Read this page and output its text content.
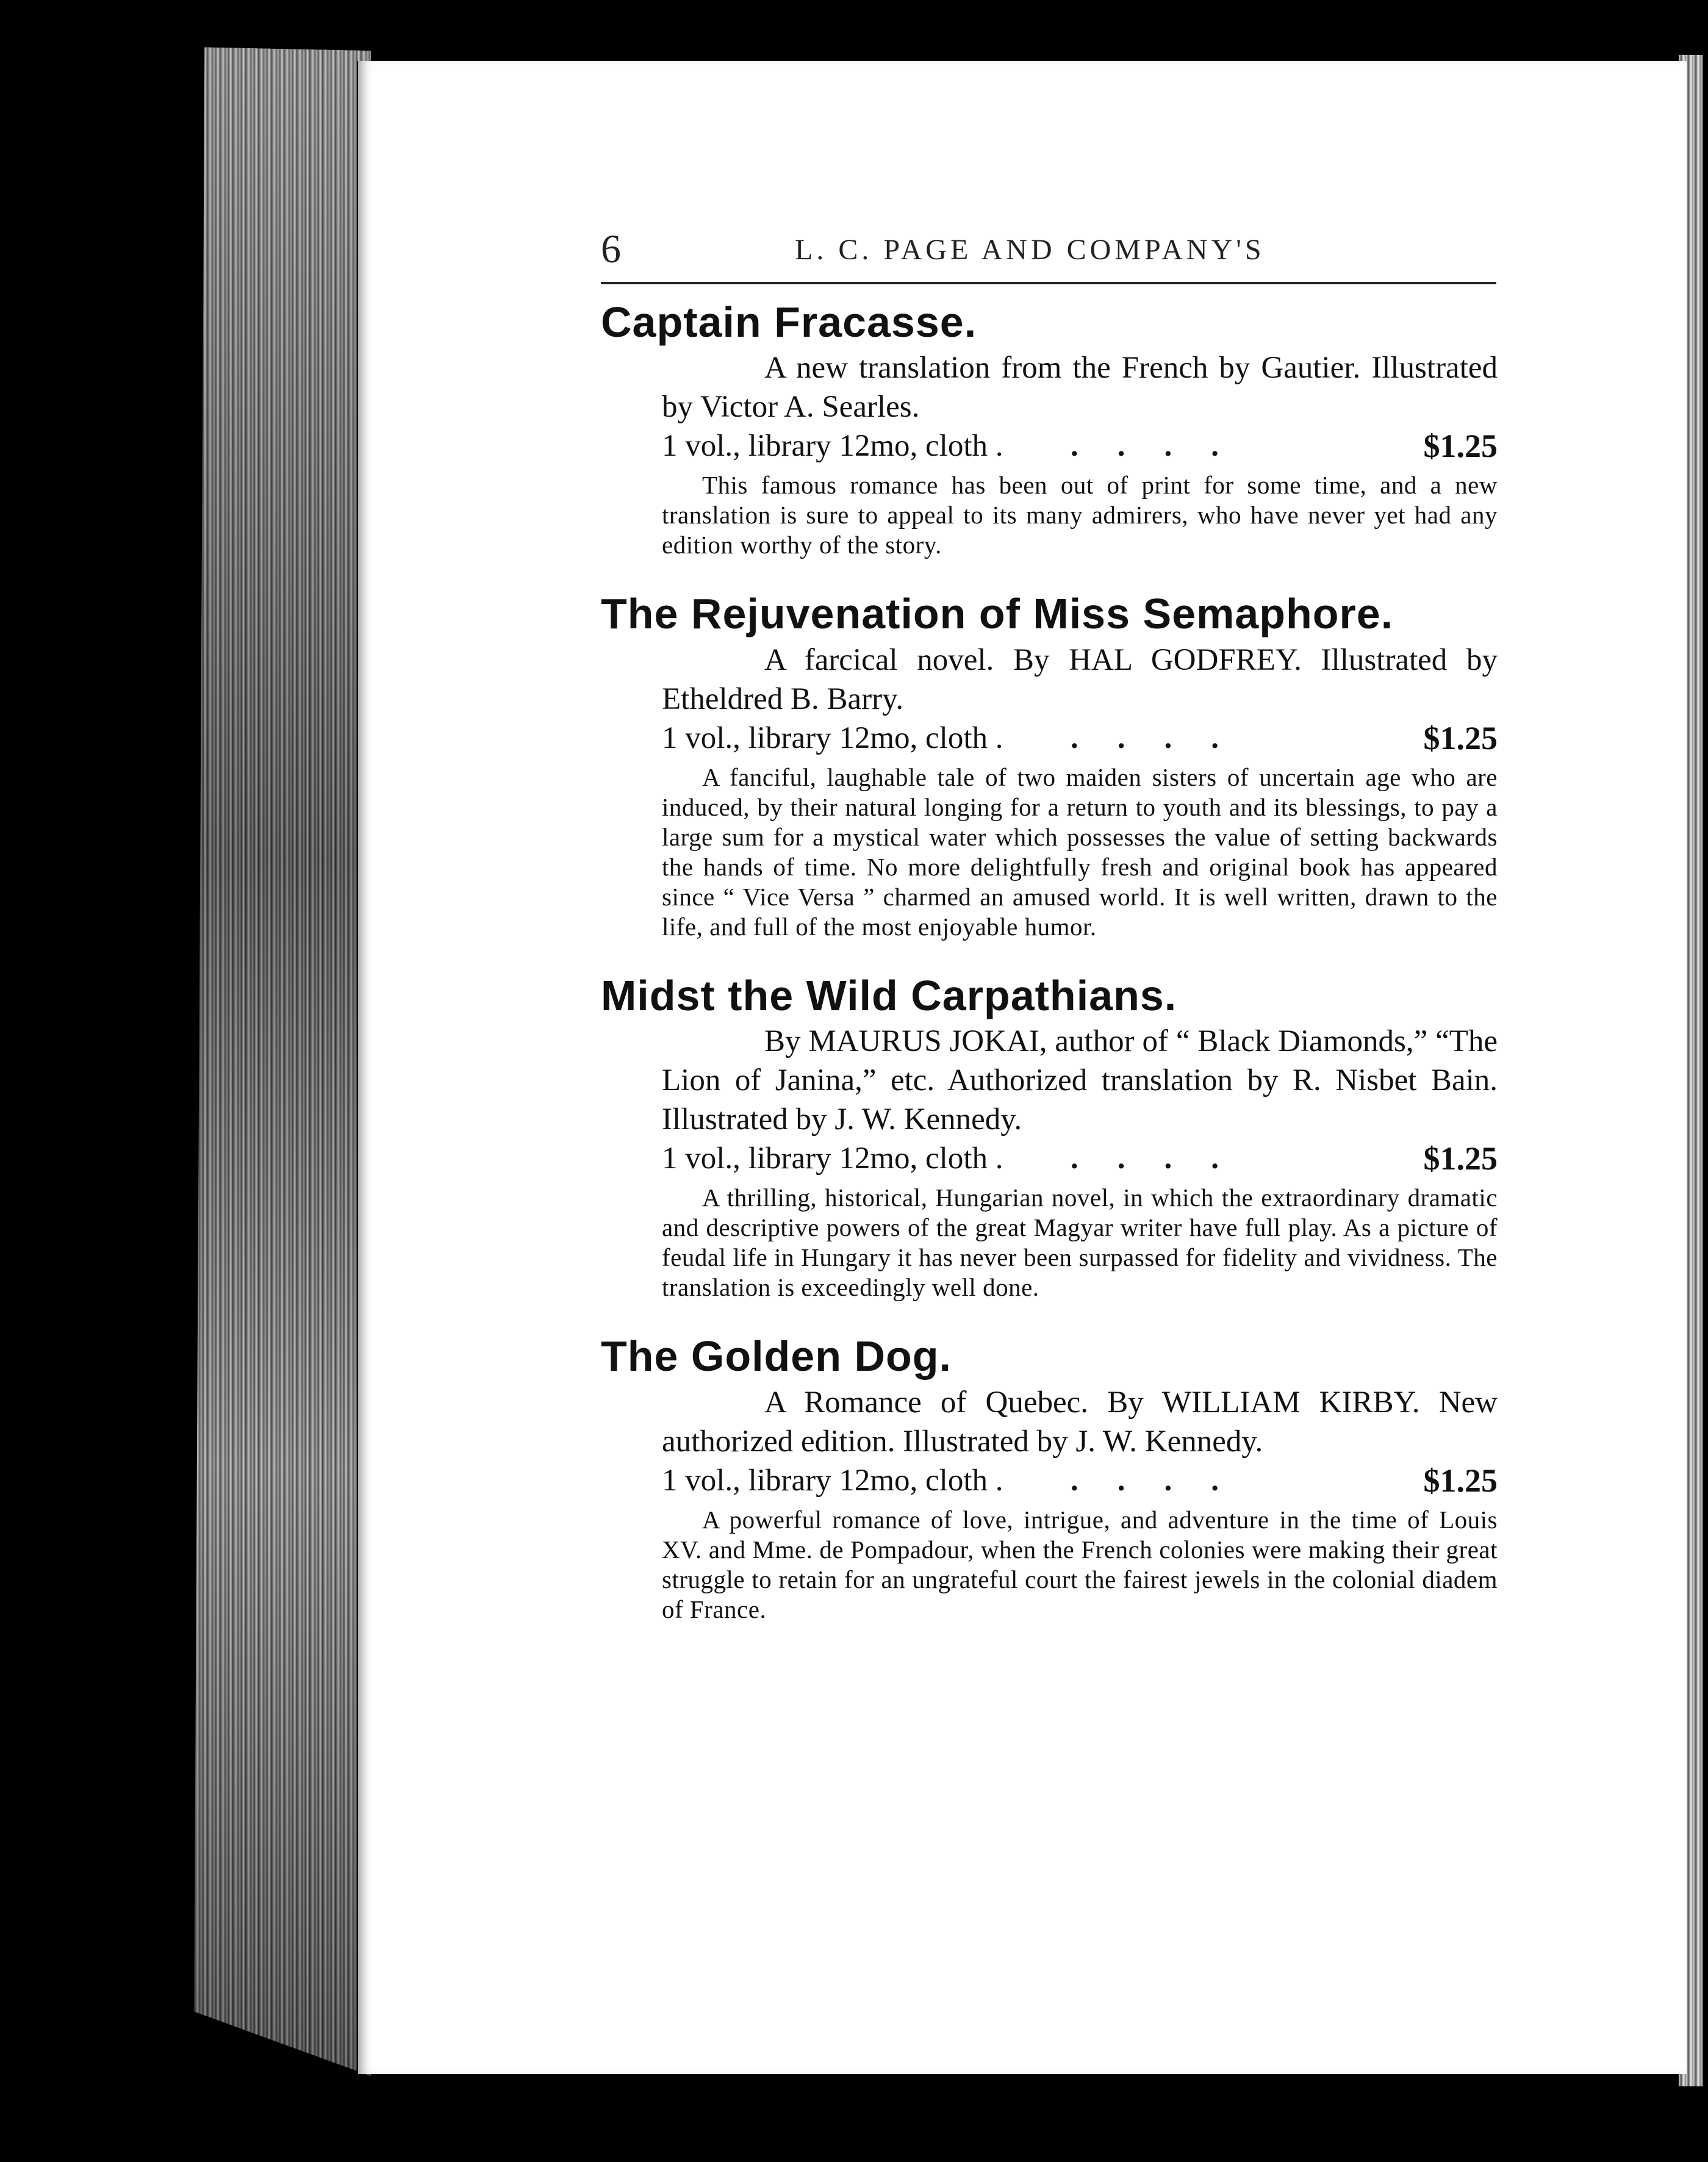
6	L. C. PAGE AND COMPANY'S
Captain Fracasse.
A new translation from the French by Gautier. Illustrated by Victor A. Searles.
1 vol., library 12mo, cloth . ....	$1.25
This famous romance has been out of print for some time, and a new translation is sure to appeal to its many admirers, who have never yet had any edition worthy of the story.
The Rejuvenation of Miss Semaphore.
A farcical novel. By HAL GODFREY. Illustrated by Etheldred B. Barry.
1 vol., library 12mo, cloth . ....	$1.25
A fanciful, laughable tale of two maiden sisters of uncertain age who are induced, by their natural longing for a return to youth and its blessings, to pay a large sum for a mystical water which possesses the value of setting backwards the hands of time. No more delightfully fresh and original book has appeared since “ Vice Versa ” charmed an amused world. It is well written, drawn to the life, and full of the most enjoyable humor.
Midst the Wild Carpathians.
By MAURUS JOKAI, author of “ Black Diamonds,” “The Lion of Janina,” etc. Authorized translation by R. Nisbet Bain. Illustrated by J. W. Kennedy.
1 vol., library 12mo, cloth . ....	$1.25
A thrilling, historical, Hungarian novel, in which the extraordinary dramatic and descriptive powers of the great Magyar writer have full play. As a picture of feudal life in Hungary it has never been surpassed for fidelity and vividness. The translation is exceedingly well done.
The Golden Dog.
A Romance of Quebec. By WILLIAM KIRBY. New authorized edition. Illustrated by J. W. Kennedy.
1 vol., library 12mo, cloth . ....	$1.25
A powerful romance of love, intrigue, and adventure in the time of Louis XV. and Mme. de Pompadour, when the French colonies were making their great struggle to retain for an ungrateful court the fairest jewels in the colonial diadem of France.
